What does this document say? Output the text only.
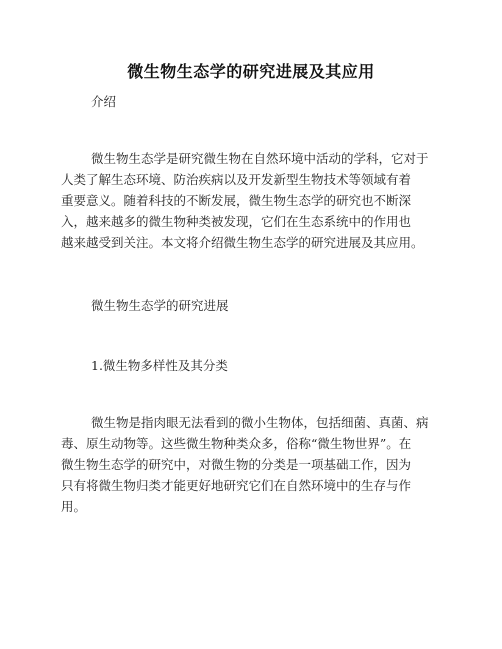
微生物生态学的研究进展及其应用
介绍
微生物生态学是研究微生物在自然环境中活动的学科，它对于
人类了解生态环境、防治疾病以及开发新型生物技术等领域有着
重要意义。随着科技的不断发展，微生物生态学的研究也不断深
入，越来越多的微生物种类被发现，它们在生态系统中的作用也
越来越受到关注。本文将介绍微生物生态学的研究进展及其应用。
微生物生态学的研究进展
1.微生物多样性及其分类
微生物是指肉眼无法看到的微小生物体，包括细菌、真菌、病
毒、原生动物等。这些微生物种类众多，俗称“微生物世界”。在
微生物生态学的研究中，对微生物的分类是一项基础工作，因为
只有将微生物归类才能更好地研究它们在自然环境中的生存与作
用。
